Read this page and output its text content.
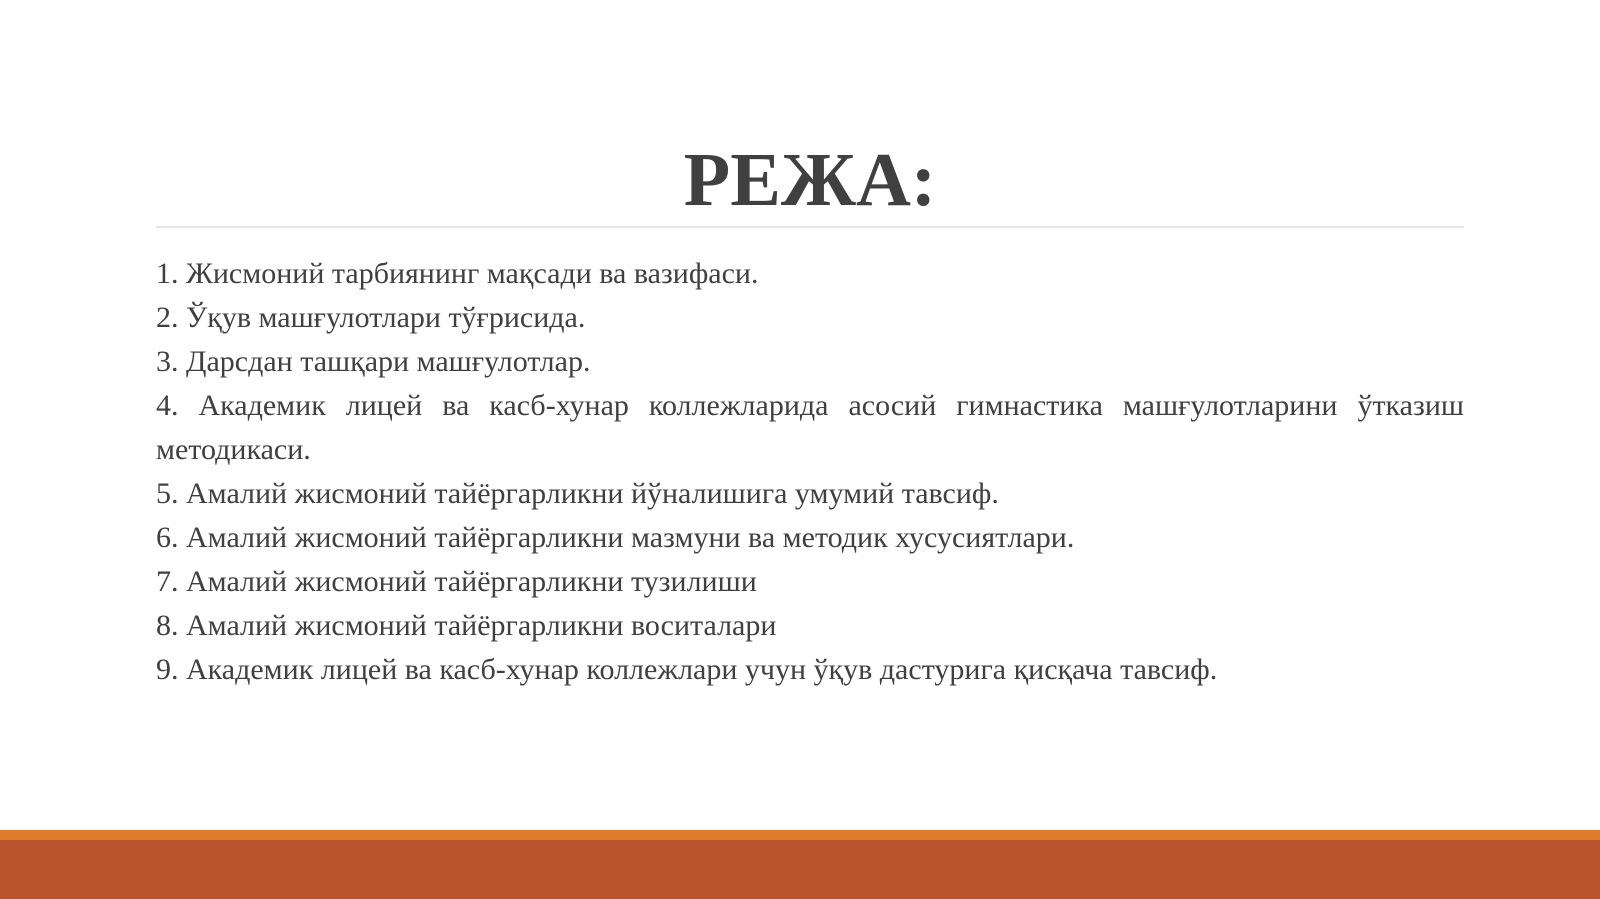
РЕЖА:

1. Жисмоний тарбиянинг мақсади ва вазифаси.

2. Ўқув машғулотлари тўғрисида.

3. Дарсдан ташқари машғулотлар.

4. Академик лицей ва касб-хунар коллежларида асосий гимнастика машғулотларини ўтказиш методикаси.

5. Амалий жисмоний тайёргарликни йўналишига умумий тавсиф.

6. Амалий жисмоний тайёргарликни мазмуни ва методик хусусиятлари.

7. Амалий жисмоний тайёргарликни тузилиши

8. Амалий жисмоний тайёргарликни воситалари

9. Академик лицей ва касб-хунар коллежлари учун ўқув дастурига қисқача тавсиф.
